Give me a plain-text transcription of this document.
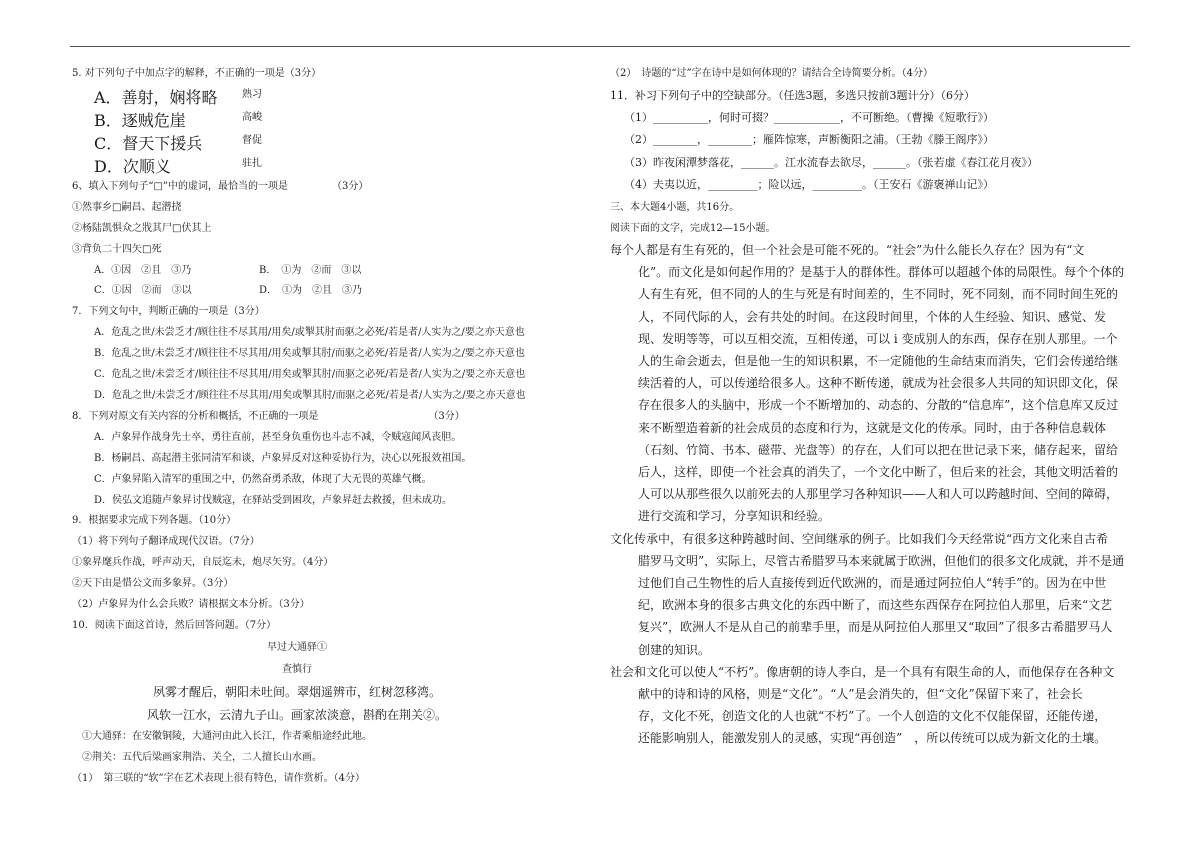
5. 对下列句子中加点字的解释，不正确的一项是（3分）
A．善射，娴将略	熟习
B．逐贼危崖	高峻
C．督天下援兵	督促
D．次顺义	驻扎
6、填入下列句子“□”中的虚词，最恰当的一项是	（3分）
①然事乡□嗣昌、起潜挠
②杨陆凯惧众之戕其尸□伏其上
③背负二十四矢□死
A．①因　②且　③乃	B．　①为　②而　③以
C．①因　②而　③以	D．　①为　②且　③乃
7．下列文句中，判断正确的一项是（3分）
A．危乱之世/未尝乏才/顾往往不尽其用/用矣/或掣其肘而驱之必死/若是者/人实为之/要之亦天意也
B．危乱之世/未尝乏才/顾往往不尽其用/用矣或掣其肘/而驱之必死/若是者/人实为之/要之亦天意也
C．危乱之世/未尝乏才/顾往往不尽其用/用矣或掣其肘/而驱之必死/若是者/人实为之/要之亦天意也
D．危乱之世/未尝乏才/顾往往不尽其用/用矣或掣其肘/而驱之必死/若是者/人实为之/要之亦天意也
8．下列对原文有关内容的分析和概括，不正确的一项是	（3分）
A．卢象昇作战身先士卒，勇往直前，甚至身负重伤也斗志不减，令贼寇闻风丧胆。
B．杨嗣昌、高起潜主张同清军和谈，卢象昇反对这种妥协行为，决心以死报效祖国。
C．卢象昇陷入清军的重围之中，仍然奋勇杀敌，体现了大无畏的英雄气概。
D．侯弘文追随卢象昇讨伐贼寇，在驿站受到困攻，卢象昇赶去救援，但未成功。
9．根据要求完成下列各题。（10分）
（1）将下列句子翻译成现代汉语。（7分）
①象昇麾兵作战，呼声动天，自辰迄未，炮尽矢穷。（4分）
②天下由是惜公文而多象昇。（3分）
（2）卢象昇为什么会兵败？请根据文本分析。（3分）
10．阅读下面这首诗，然后回答问题。（7分）
早过大通驿①
查慎行
夙雾才醒后，朝阳未吐间。翠烟遥辨市，红树忽移湾。
风软一江水，云清九子山。画家浓淡意，斟酌在荆关②。
①大通驿：在安徽铜陵，大通河由此入长江，作者乘船途经此地。
②荆关：五代后梁画家荆浩、关仝，二人擅长山水画。
（1）　第三联的“软”字在艺术表现上很有特色，请作赏析。（4分）
（2）　诗题的“过”字在诗中是如何体现的？请结合全诗简要分析。（4分）
11．补习下列句子中的空缺部分。（任选3题，多选只按前3题计分）（6分）
（1）__________，何时可掇？____________，不可断绝。（曹操《短歌行》）
（2）________，________；雁阵惊寒，声断衡阳之浦。（王勃《滕王阁序》）
（3）昨夜闲潭梦落花，______。江水流春去欲尽，______。（张若虚《春江花月夜》）
（4）夫夷以近，_________；险以远，_________。（王安石《游褒禅山记》）
三、本大题4小题，共16分。
阅读下面的文字，完成12—15小题。
每个人都是有生有死的，但一个社会是可能不死的。“社会”为什么能长久存在？因为有“文
化”。而文化是如何起作用的？是基于人的群体性。群体可以超越个体的局限性。每个个体的
人有生有死，但不同的人的生与死是有时间差的，生不同时，死不同刻，而不同时间生死的
人，不同代际的人，会有共处的时间。在这段时间里，个体的人生经验、知识、感觉、发
现、发明等等，可以互相交流，互相传递，可以 i 变成别人的东西，保存在别人那里。一个
人的生命会逝去，但是他一生的知识积累，不一定随他的生命结束而消失，它们会传递给继
续活着的人，可以传递给很多人。这种不断传递，就成为社会很多人共同的知识即文化，保
存在很多人的头脑中，形成一个不断增加的、动态的、分散的“信息库”，这个信息库又反过
来不断塑造着新的社会成员的态度和行为，这就是文化的传承。同时，由于各种信息载体
（石刻、竹简、书本、磁带、光盘等）的存在，人们可以把在世记录下来，储存起来，留给
后人，这样，即使一个社会真的消失了，一个文化中断了，但后来的社会，其他文明活着的
人可以从那些很久以前死去的人那里学习各种知识——人和人可以跨越时间、空间的障碍，
进行交流和学习，分享知识和经验。
文化传承中，有很多这种跨越时间、空间继承的例子。比如我们今天经常说“西方文化来自古希
腊罗马文明”，实际上，尽管古希腊罗马本来就属于欧洲，但他们的很多文化成就，并不是通
过他们自己生物性的后人直接传到近代欧洲的，而是通过阿拉伯人“转手”的。因为在中世
纪，欧洲本身的很多古典文化的东西中断了，而这些东西保存在阿拉伯人那里，后来“文艺
复兴”，欧洲人不是从自己的前辈手里，而是从阿拉伯人那里又“取回”了很多古希腊罗马人
创建的知识。
社会和文化可以使人“不朽”。像唐朝的诗人李白，是一个具有有限生命的人，而他保存在各种文
献中的诗和诗的风格，则是“文化”。“人”是会消失的，但“文化”保留下来了，社会长
存，文化不死，创造文化的人也就“不朽”了。一个人创造的文化不仅能保留，还能传递，
还能影响别人，能激发别人的灵感，实现“再创造”　，所以传统可以成为新文化的土壤。
